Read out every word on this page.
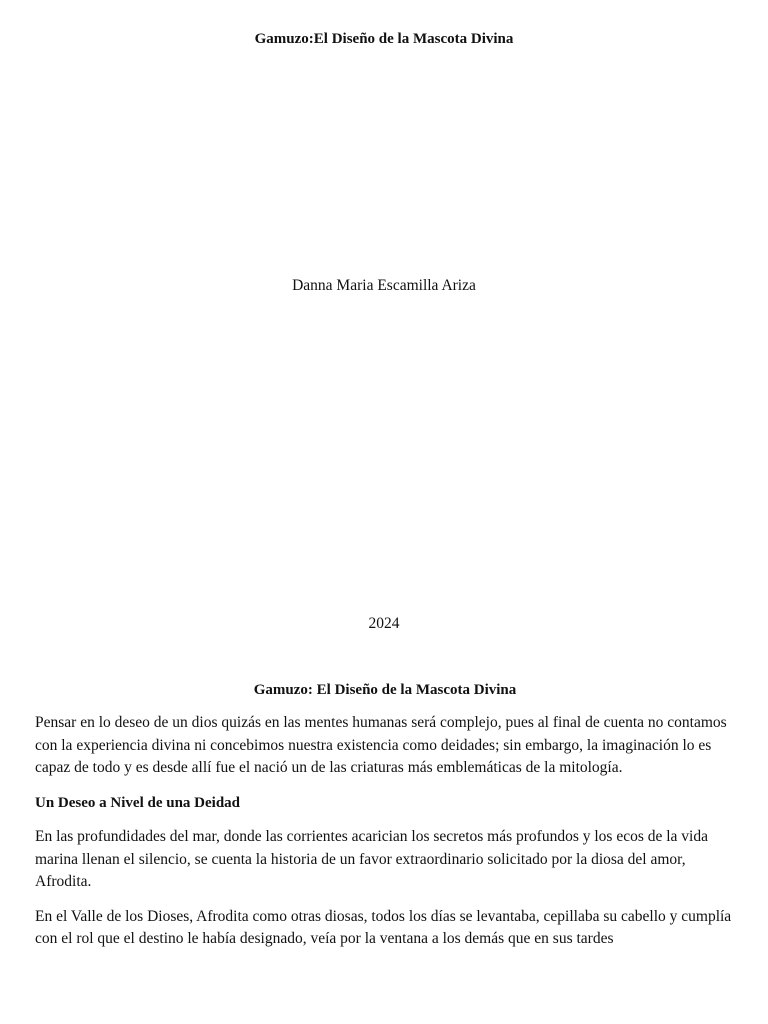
Gamuzo:El Diseño de la Mascota Divina
Danna Maria Escamilla Ariza
2024
Gamuzo: El Diseño de la Mascota Divina

Pensar en lo deseo de un dios quizás en las mentes humanas será complejo, pues al final de cuenta no contamos con la experiencia divina ni concebimos nuestra existencia como deidades; sin embargo, la imaginación lo es capaz de todo y es desde allí fue el nació un de las criaturas más emblemáticas de la mitología.

Un Deseo a Nivel de una Deidad

En las profundidades del mar, donde las corrientes acarician los secretos más profundos y los ecos de la vida marina llenan el silencio, se cuenta la historia de un favor extraordinario solicitado por la diosa del amor, Afrodita.

En el Valle de los Dioses, Afrodita como otras diosas, todos los días se levantaba, cepillaba su cabello y cumplía con el rol que el destino le había designado, veía por la ventana a los demás que en sus tardes
